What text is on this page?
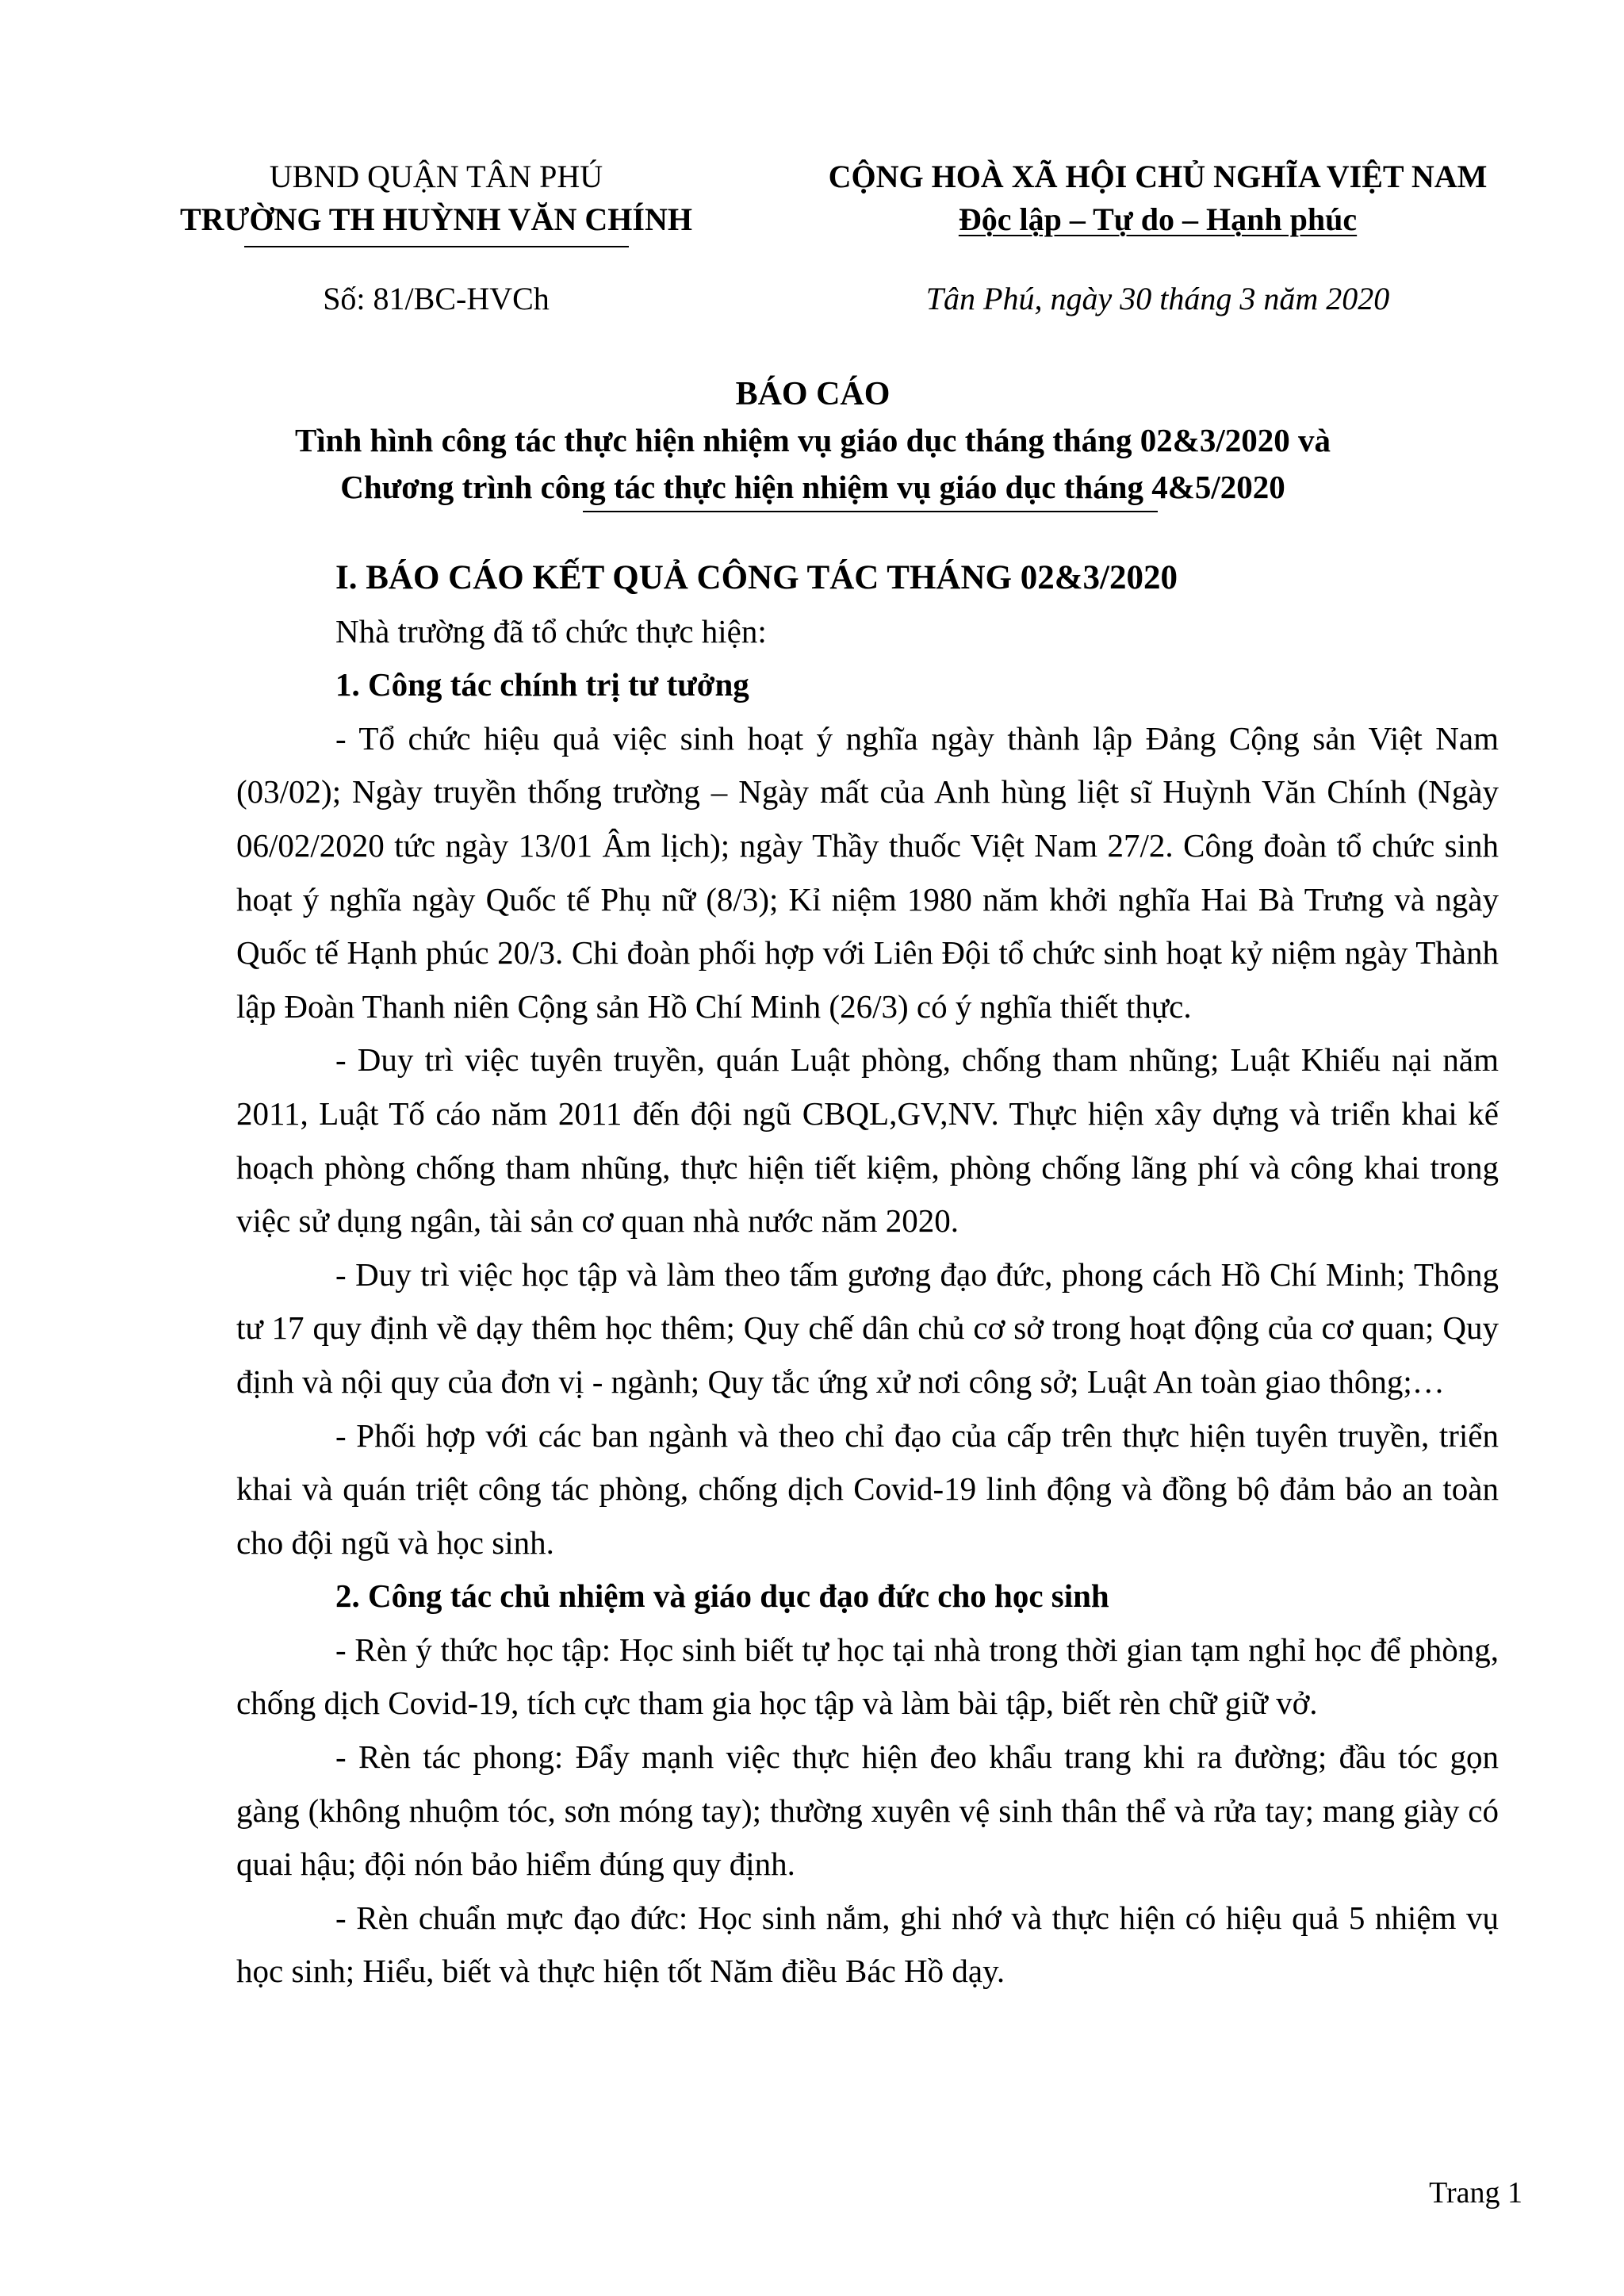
UBND QUẬN TÂN PHÚ
TRƯỜNG TH HUỲNH VĂN CHÍNH
CỘNG HOÀ XÃ HỘI CHỦ NGHĨA VIỆT NAM
Độc lập – Tự do – Hạnh phúc
Số: 81/BC-HVCh	Tân Phú, ngày 30 tháng 3 năm 2020
BÁO CÁO
Tình hình công tác thực hiện nhiệm vụ giáo dục tháng tháng 02&3/2020 và
Chương trình công tác thực hiện nhiệm vụ giáo dục tháng 4&5/2020

I. BÁO CÁO KẾT QUẢ CÔNG TÁC THÁNG 02&3/2020

Nhà trường đã tổ chức thực hiện:

1. Công tác chính trị tư tưởng

- Tổ chức hiệu quả việc sinh hoạt ý nghĩa ngày thành lập Đảng Cộng sản Việt Nam (03/02); Ngày truyền thống trường – Ngày mất của Anh hùng liệt sĩ Huỳnh Văn Chính (Ngày 06/02/2020 tức ngày 13/01 Âm lịch); ngày Thầy thuốc Việt Nam 27/2. Công đoàn tổ chức sinh hoạt ý nghĩa ngày Quốc tế Phụ nữ (8/3); Kỉ niệm 1980 năm khởi nghĩa Hai Bà Trưng và ngày Quốc tế Hạnh phúc 20/3. Chi đoàn phối hợp với Liên Đội tổ chức sinh hoạt kỷ niệm ngày Thành lập Đoàn Thanh niên Cộng sản Hồ Chí Minh (26/3) có ý nghĩa thiết thực.

- Duy trì việc tuyên truyền, quán Luật phòng, chống tham nhũng; Luật Khiếu nại năm 2011, Luật Tố cáo năm 2011 đến đội ngũ CBQL,GV,NV. Thực hiện xây dựng và triển khai kế hoạch phòng chống tham nhũng, thực hiện tiết kiệm, phòng chống lãng phí và công khai trong việc sử dụng ngân, tài sản cơ quan nhà nước năm 2020.

- Duy trì việc học tập và làm theo tấm gương đạo đức, phong cách Hồ Chí Minh; Thông tư 17 quy định về dạy thêm học thêm; Quy chế dân chủ cơ sở trong hoạt động của cơ quan; Quy định và nội quy của đơn vị - ngành; Quy tắc ứng xử nơi công sở; Luật An toàn giao thông;…

- Phối hợp với các ban ngành và theo chỉ đạo của cấp trên thực hiện tuyên truyền, triển khai và quán triệt công tác phòng, chống dịch Covid-19 linh động và đồng bộ đảm bảo an toàn cho đội ngũ và học sinh.

2. Công tác chủ nhiệm và giáo dục đạo đức cho học sinh

- Rèn ý thức học tập: Học sinh biết tự học tại nhà trong thời gian tạm nghỉ học để phòng, chống dịch Covid-19, tích cực tham gia học tập và làm bài tập, biết rèn chữ giữ vở.

- Rèn tác phong: Đẩy mạnh việc thực hiện đeo khẩu trang khi ra đường; đầu tóc gọn gàng (không nhuộm tóc, sơn móng tay); thường xuyên vệ sinh thân thể và rửa tay; mang giày có quai hậu; đội nón bảo hiểm đúng quy định.

- Rèn chuẩn mực đạo đức: Học sinh nắm, ghi nhớ và thực hiện có hiệu quả 5 nhiệm vụ học sinh; Hiểu, biết và thực hiện tốt Năm điều Bác Hồ dạy.

Trang 1
